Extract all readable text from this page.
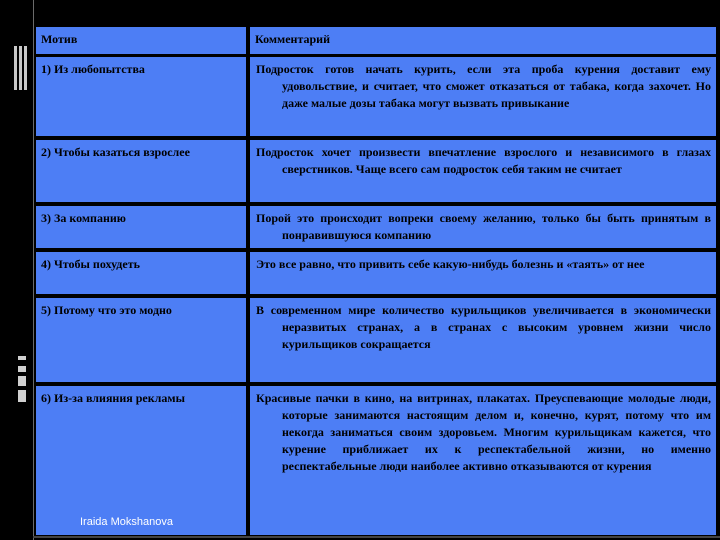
Мотив	Комментарий
1) Из любопытства	Подросток готов начать курить, если эта проба курения доставит ему удовольствие, и считает, что сможет отказаться от табака, когда захочет. Но даже малые дозы табака могут вызвать привыкание
2) Чтобы казаться взрослее	Подросток хочет произвести впечатление взрослого и независимого в глазах сверстников. Чаще всего сам подросток себя таким не считает
3) За компанию	Порой это происходит вопреки своему желанию, только бы быть принятым в понравившуюся компанию
4) Чтобы похудеть	Это все равно, что привить себе какую-нибудь болезнь и «таять» от нее
5) Потому что это модно	В современном мире количество курильщиков увеличивается в экономически неразвитых странах, а в странах с высоким уровнем жизни число курильщиков сокращается
6) Из-за влияния рекламы	Красивые пачки в кино, на витринах, плакатах. Преуспевающие молодые люди, которые занимаются настоящим делом и, конечно, курят, потому что им некогда заниматься своим здоровьем. Многим курильщикам кажется, что курение приближает их к респектабельной жизни, но именно респектабельные люди наиболее активно отказываются от курения
Iraida Mokshanova
